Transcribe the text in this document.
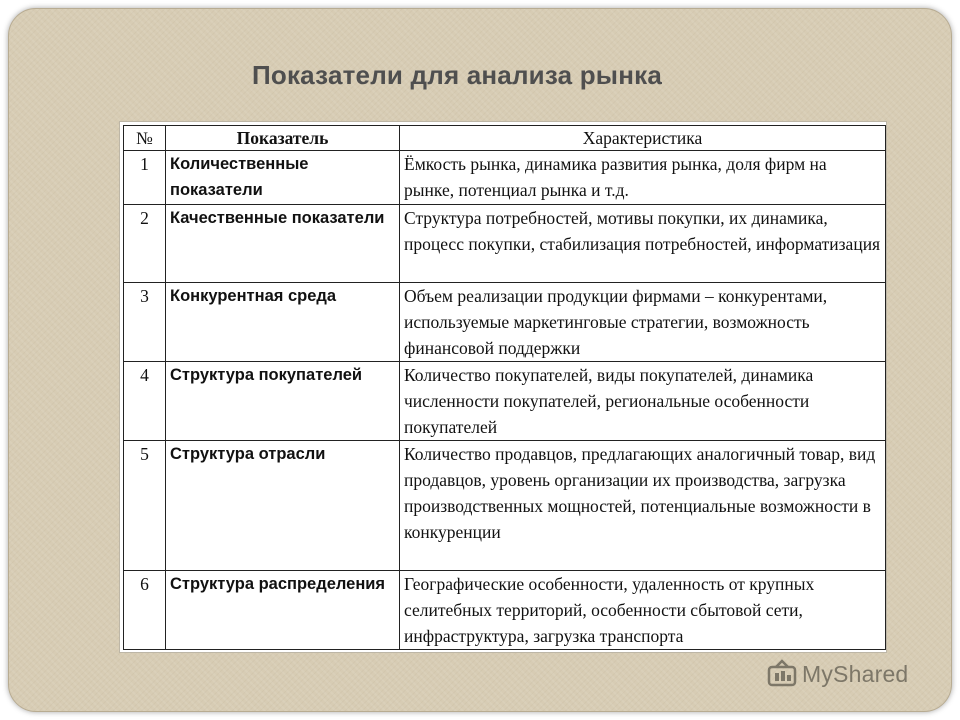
Показатели для анализа рынка
№	Показатель	Характеристика
1	Количественные показатели	Ёмкость рынка, динамика развития рынка, доля фирм на рынке, потенциал рынка и т.д.
2	Качественные показатели	Структура потребностей, мотивы покупки, их динамика, процесс покупки, стабилизация потребностей, информатизация
3	Конкурентная среда	Объем реализации продукции фирмами – конкурентами, используемые маркетинговые стратегии, возможность финансовой поддержки
4	Структура покупателей	Количество покупателей, виды покупателей, динамика численности покупателей, региональные особенности покупателей
5	Структура отрасли	Количество продавцов, предлагающих аналогичный товар, вид продавцов, уровень организации их производства, загрузка производственных мощностей, потенциальные возможности в конкуренции
6	Структура распределения	Географические особенности, удаленность от крупных селитебных территорий, особенности сбытовой сети, инфраструктура, загрузка транспорта
MyShared
